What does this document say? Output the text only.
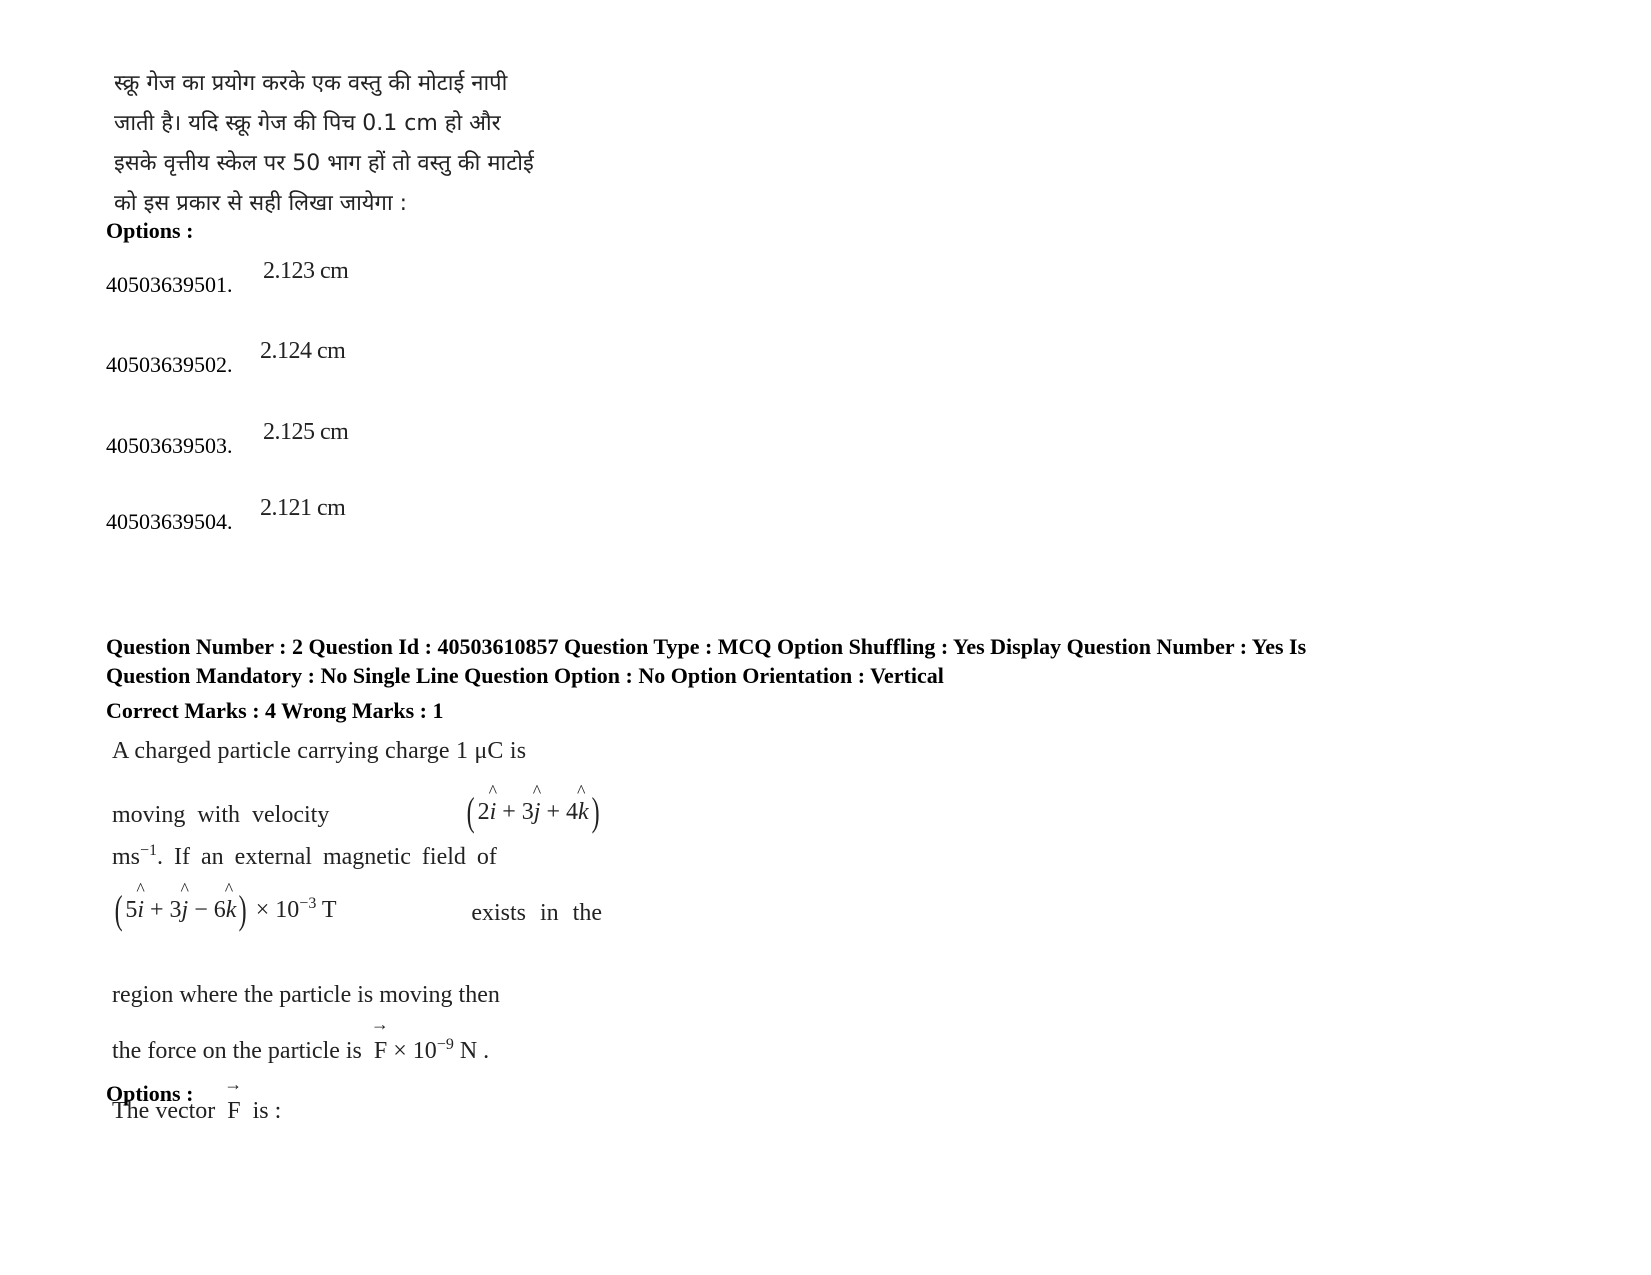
स्क्रू गेज का प्रयोग करके एक वस्तु की मोटाई नापी
जाती है। यदि स्क्रू गेज की पिच 0.1 cm हो और
इसके वृत्तीय स्केल पर 50 भाग हों तो वस्तु की माटोई
को इस प्रकार से सही लिखा जायेगा :
Options :
40503639501.
2.123 cm
40503639502.
2.124 cm
40503639503.
2.125 cm
40503639504.
2.121 cm
Question Number : 2 Question Id : 40503610857 Question Type : MCQ Option Shuffling : Yes Display Question Number : Yes Is
Question Mandatory : No Single Line Question Option : No Option Orientation : Vertical
Correct Marks : 4 Wrong Marks : 1
A charged particle carrying charge 1 μC is
moving with velocity	( 2^ i + 3^ j + 4^ k)
$ms^{-1}$. If an external magnetic field of
( 5^ i + 3^ j − 6^ $k) \times 10^{-3}$ T	exists in the
region where the particle is moving then
the force on the particle is → $F \times 10^{-9}$ N .
The vector → F is :
Options :
